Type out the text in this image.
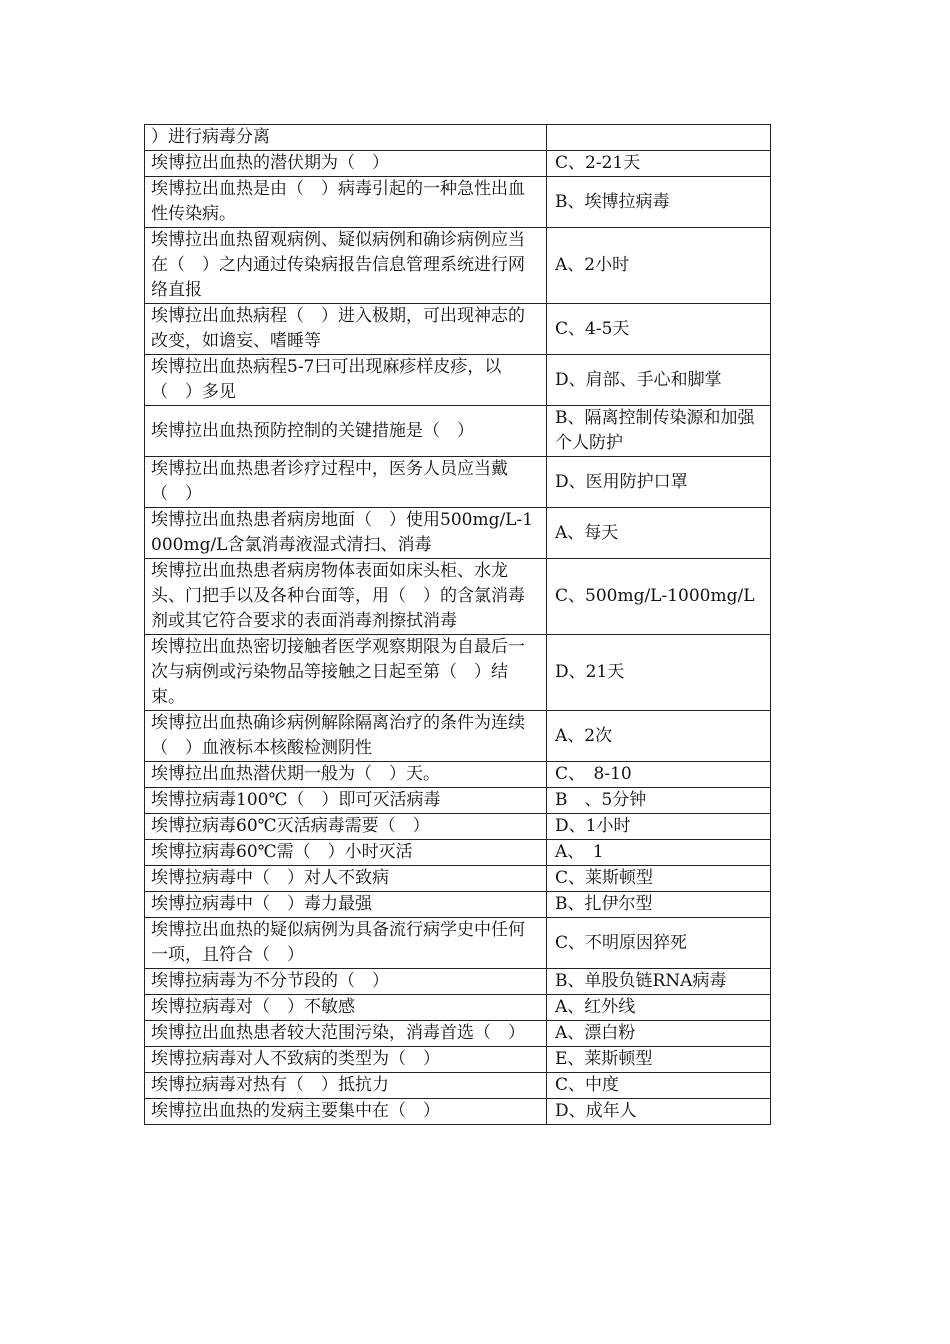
）进行病毒分离	
埃博拉出血热的潜伏期为（　）	C、2-21天
埃博拉出血热是由（　）病毒引起的一种急性出血性传染病。	B、埃博拉病毒
埃博拉出血热留观病例、疑似病例和确诊病例应当在（　）之内通过传染病报告信息管理系统进行网络直报	A、2小时
埃博拉出血热病程（　）进入极期，可出现神志的改变，如谵妄、嗜睡等	C、4-5天
埃博拉出血热病程5-7曰可出现麻疹样皮疹，以（　）多见	D、肩部、手心和脚掌
埃博拉出血热预防控制的关键措施是（　）	B、隔离控制传染源和加强个人防护
埃博拉出血热患者诊疗过程中，医务人员应当戴（　）	D、医用防护口罩
埃博拉出血热患者病房地面（　）使用500mg/L-1000mg/L含氯消毒液湿式清扫、消毒	A、每天
埃博拉出血热患者病房物体表面如床头柜、水龙头、门把手以及各种台面等，用（　）的含氯消毒剂或其它符合要求的表面消毒剂擦拭消毒	C、500mg/L-1000mg/L
埃博拉出血热密切接触者医学观察期限为自最后一次与病例或污染物品等接触之日起至第（　）结束。	D、21天
埃博拉出血热确诊病例解除隔离治疗的条件为连续（　）血液标本核酸检测阴性	A、2次
埃博拉出血热潜伏期一般为（　）天。	C、　8-10
埃博拉病毒100℃（　）即可灭活病毒	B　、5分钟
埃博拉病毒60℃灭活病毒需要（　）	D、1小时
埃博拉病毒60℃需（　）小时灭活	A、　1
埃博拉病毒中（　）对人不致病	C、莱斯顿型
埃博拉病毒中（　）毒力最强	B、扎伊尔型
埃博拉出血热的疑似病例为具备流行病学史中任何一项，且符合（　）	C、不明原因猝死
埃博拉病毒为不分节段的（　）	B、单股负链RNA病毒
埃博拉病毒对（　）不敏感	A、红外线
埃博拉出血热患者较大范围污染，消毒首选（　）	A、漂白粉
埃博拉病毒对人不致病的类型为（　）	E、莱斯顿型
埃博拉病毒对热有（　）抵抗力	C、中度
埃博拉出血热的发病主要集中在（　）	D、成年人
